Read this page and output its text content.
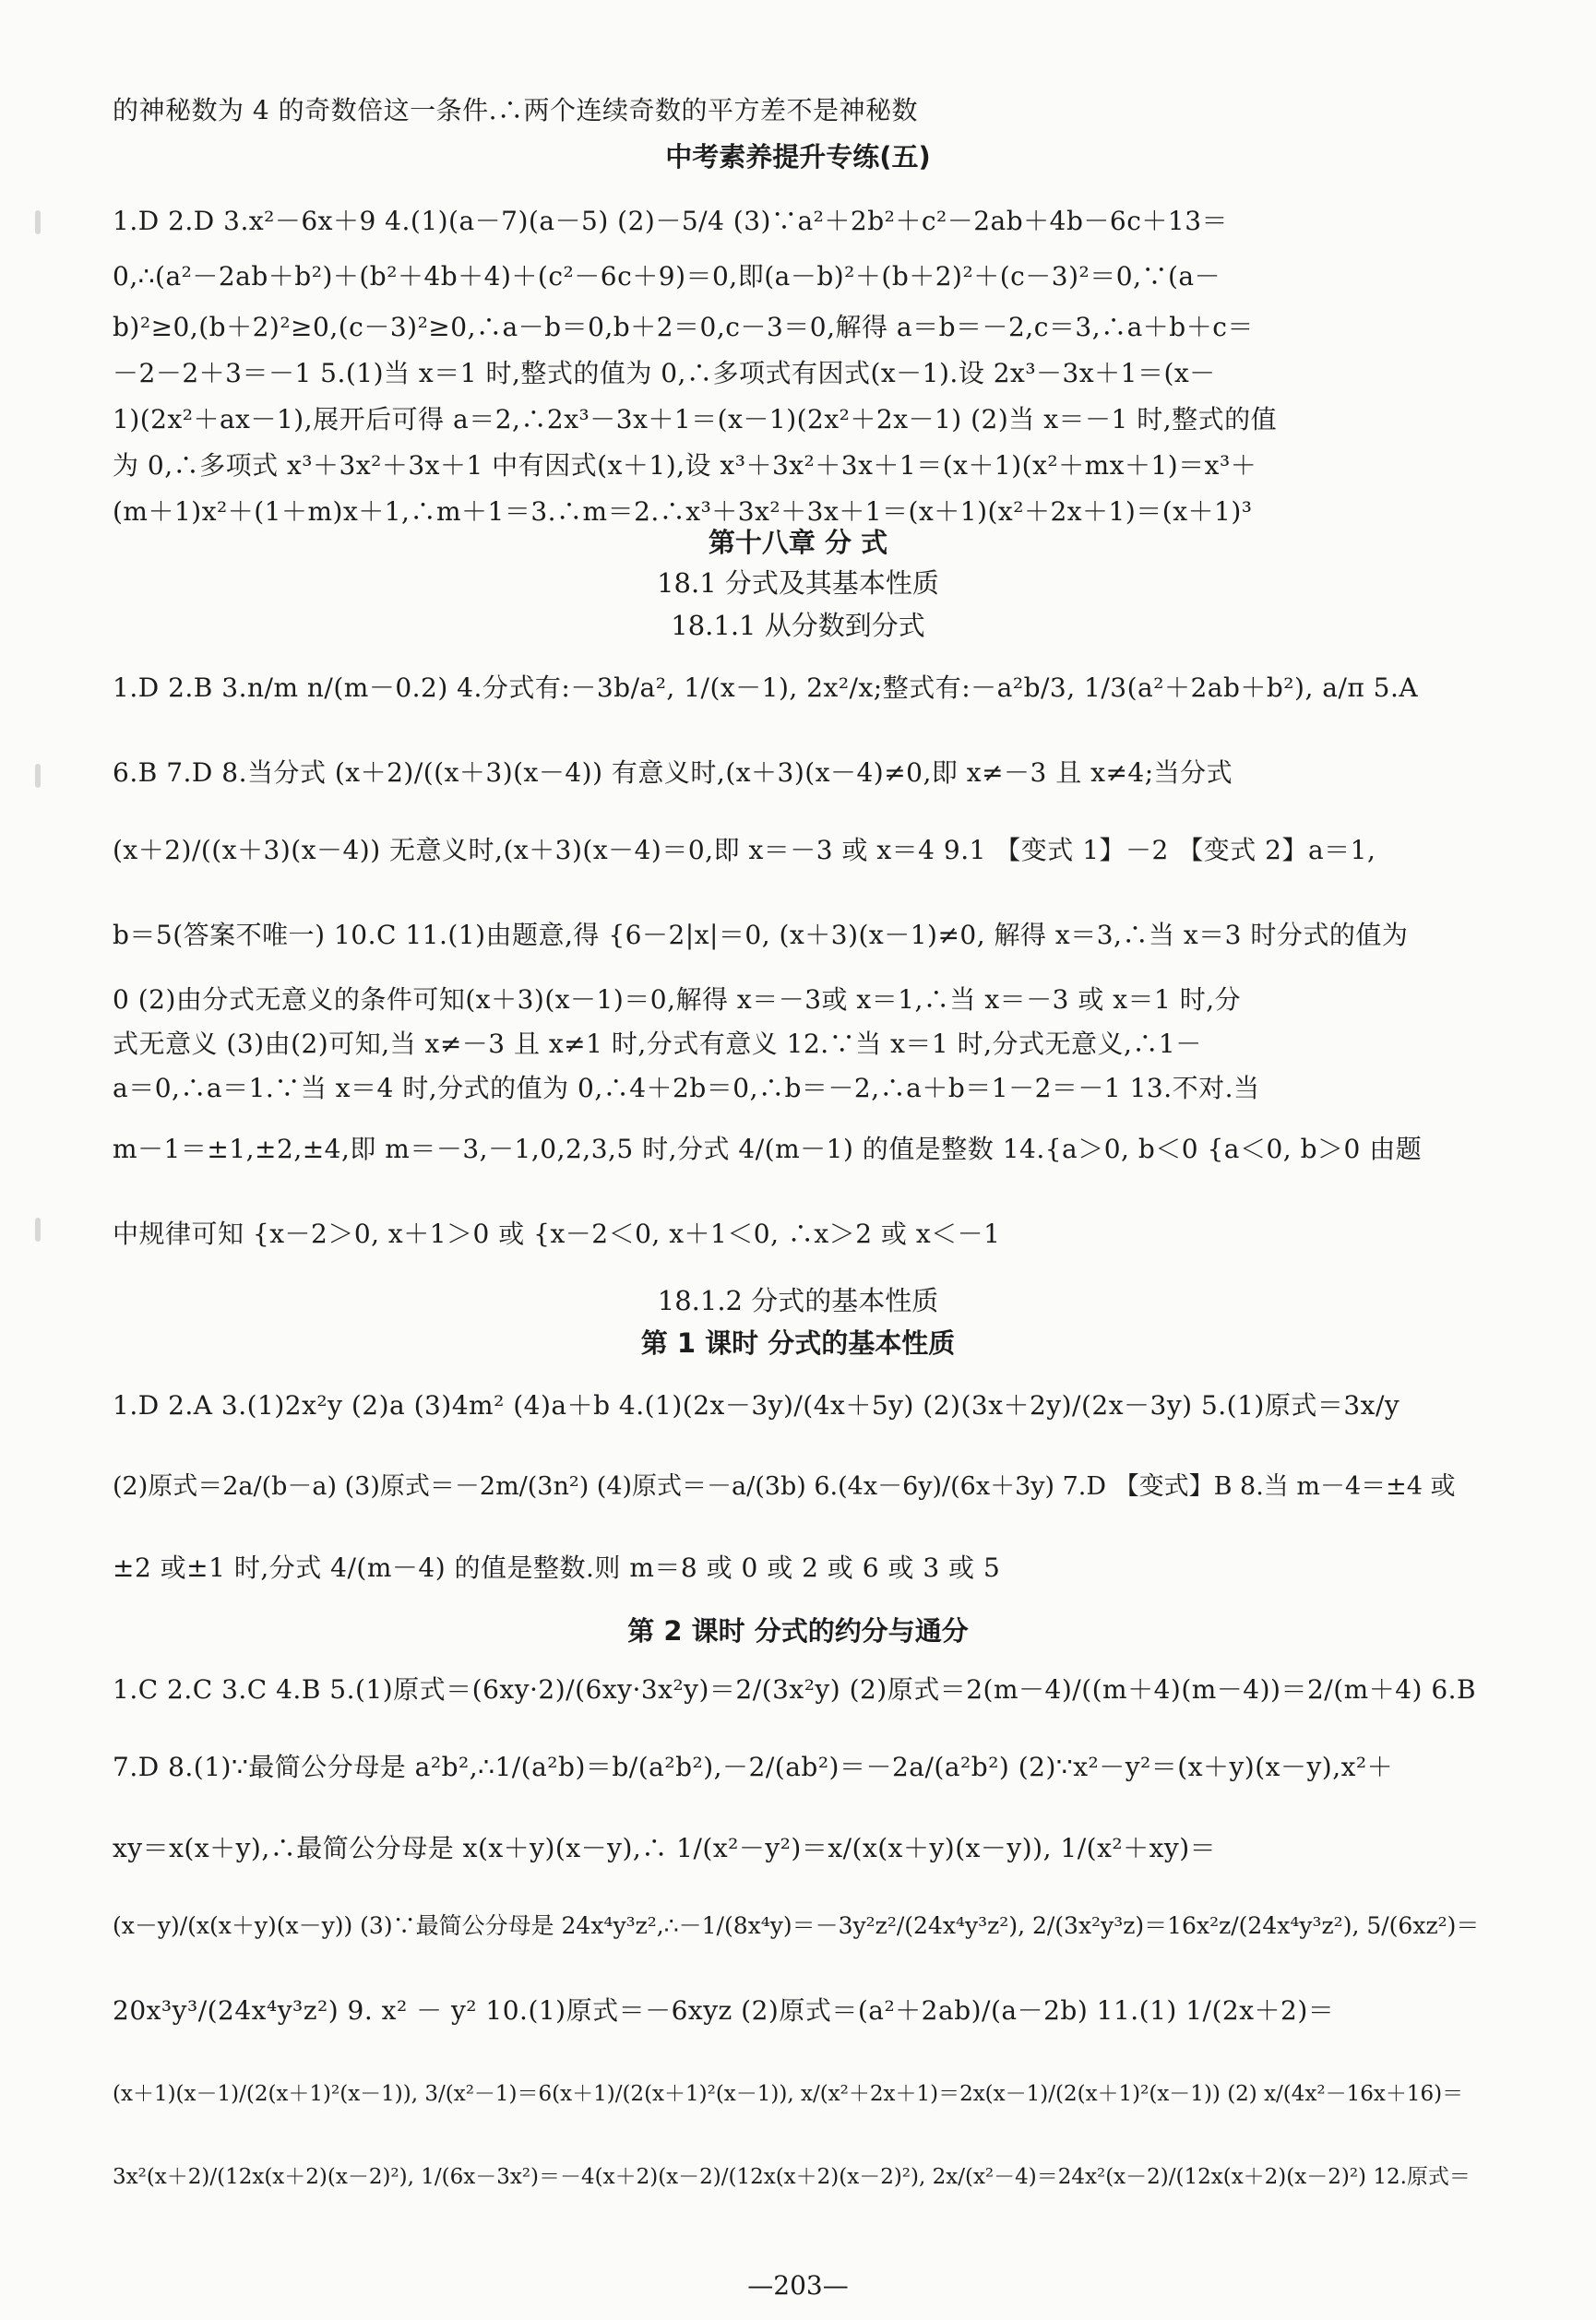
的神秘数为 4 的奇数倍这一条件.∴两个连续奇数的平方差不是神秘数
中考素养提升专练(五)
1.D 2.D 3.x²－6x＋9 4.(1)(a－7)(a－5) (2)－5/4 (3)∵a²＋2b²＋c²－2ab＋4b－6c＋13＝
0,∴(a²－2ab＋b²)＋(b²＋4b＋4)＋(c²－6c＋9)＝0,即(a－b)²＋(b＋2)²＋(c－3)²＝0,∵(a－
b)²≥0,(b＋2)²≥0,(c－3)²≥0,∴a－b＝0,b＋2＝0,c－3＝0,解得 a＝b＝－2,c＝3,∴a＋b＋c＝
－2－2＋3＝－1 5.(1)当 x＝1 时,整式的值为 0,∴多项式有因式(x－1).设 2x³－3x＋1＝(x－
1)(2x²＋ax－1),展开后可得 a＝2,∴2x³－3x＋1＝(x－1)(2x²＋2x－1) (2)当 x＝－1 时,整式的值
为 0,∴多项式 x³＋3x²＋3x＋1 中有因式(x＋1),设 x³＋3x²＋3x＋1＝(x＋1)(x²＋mx＋1)＝x³＋
(m＋1)x²＋(1＋m)x＋1,∴m＋1＝3.∴m＝2.∴x³＋3x²＋3x＋1＝(x＋1)(x²＋2x＋1)＝(x＋1)³
第十八章 分 式
18.1 分式及其基本性质
18.1.1 从分数到分式
1.D 2.B 3.n/m n/(m－0.2) 4.分式有:－3b/a², 1/(x－1), 2x²/x;整式有:－a²b/3, 1/3(a²＋2ab＋b²), a/π 5.A
6.B 7.D 8.当分式 (x＋2)/((x＋3)(x－4)) 有意义时,(x＋3)(x－4)≠0,即 x≠－3 且 x≠4;当分式
(x＋2)/((x＋3)(x－4)) 无意义时,(x＋3)(x－4)＝0,即 x＝－3 或 x＝4 9.1 【变式 1】－2 【变式 2】a＝1,
b＝5(答案不唯一) 10.C 11.(1)由题意,得 {6－2|x|＝0, (x＋3)(x－1)≠0, 解得 x＝3,∴当 x＝3 时分式的值为
0 (2)由分式无意义的条件可知(x＋3)(x－1)＝0,解得 x＝－3或 x＝1,∴当 x＝－3 或 x＝1 时,分
式无意义 (3)由(2)可知,当 x≠－3 且 x≠1 时,分式有意义 12.∵当 x＝1 时,分式无意义,∴1－
a＝0,∴a＝1.∵当 x＝4 时,分式的值为 0,∴4＋2b＝0,∴b＝－2,∴a＋b＝1－2＝－1 13.不对.当
m－1＝±1,±2,±4,即 m＝－3,－1,0,2,3,5 时,分式 4/(m－1) 的值是整数 14.{a＞0, b＜0 {a＜0, b＞0 由题
中规律可知 {x－2＞0, x＋1＞0 或 {x－2＜0, x＋1＜0, ∴x＞2 或 x＜－1
18.1.2 分式的基本性质
第 1 课时 分式的基本性质
1.D 2.A 3.(1)2x²y (2)a (3)4m² (4)a＋b 4.(1)(2x－3y)/(4x＋5y) (2)(3x＋2y)/(2x－3y) 5.(1)原式＝3x/y
(2)原式＝2a/(b－a) (3)原式＝－2m/(3n²) (4)原式＝－a/(3b) 6.(4x－6y)/(6x＋3y) 7.D 【变式】B 8.当 m－4＝±4 或
±2 或±1 时,分式 4/(m－4) 的值是整数.则 m＝8 或 0 或 2 或 6 或 3 或 5
第 2 课时 分式的约分与通分
1.C 2.C 3.C 4.B 5.(1)原式＝(6xy·2)/(6xy·3x²y)＝2/(3x²y) (2)原式＝2(m－4)/((m＋4)(m－4))＝2/(m＋4) 6.B
7.D 8.(1)∵最简公分母是 a²b²,∴1/(a²b)＝b/(a²b²),－2/(ab²)＝－2a/(a²b²) (2)∵x²－y²＝(x＋y)(x－y),x²＋
xy＝x(x＋y),∴最简公分母是 x(x＋y)(x－y),∴ 1/(x²－y²)＝x/(x(x＋y)(x－y)), 1/(x²＋xy)＝
(x－y)/(x(x＋y)(x－y)) (3)∵最简公分母是 24x⁴y³z²,∴－1/(8x⁴y)＝－3y²z²/(24x⁴y³z²), 2/(3x²y³z)＝16x²z/(24x⁴y³z²), 5/(6xz²)＝
20x³y³/(24x⁴y³z²) 9. x² － y² 10.(1)原式＝－6xyz (2)原式＝(a²＋2ab)/(a－2b) 11.(1) 1/(2x＋2)＝
(x＋1)(x－1)/(2(x＋1)²(x－1)), 3/(x²－1)＝6(x＋1)/(2(x＋1)²(x－1)), x/(x²＋2x＋1)＝2x(x－1)/(2(x＋1)²(x－1)) (2) x/(4x²－16x＋16)＝
3x²(x＋2)/(12x(x＋2)(x－2)²), 1/(6x－3x²)＝－4(x＋2)(x－2)/(12x(x＋2)(x－2)²), 2x/(x²－4)＝24x²(x－2)/(12x(x＋2)(x－2)²) 12.原式＝
—203—
